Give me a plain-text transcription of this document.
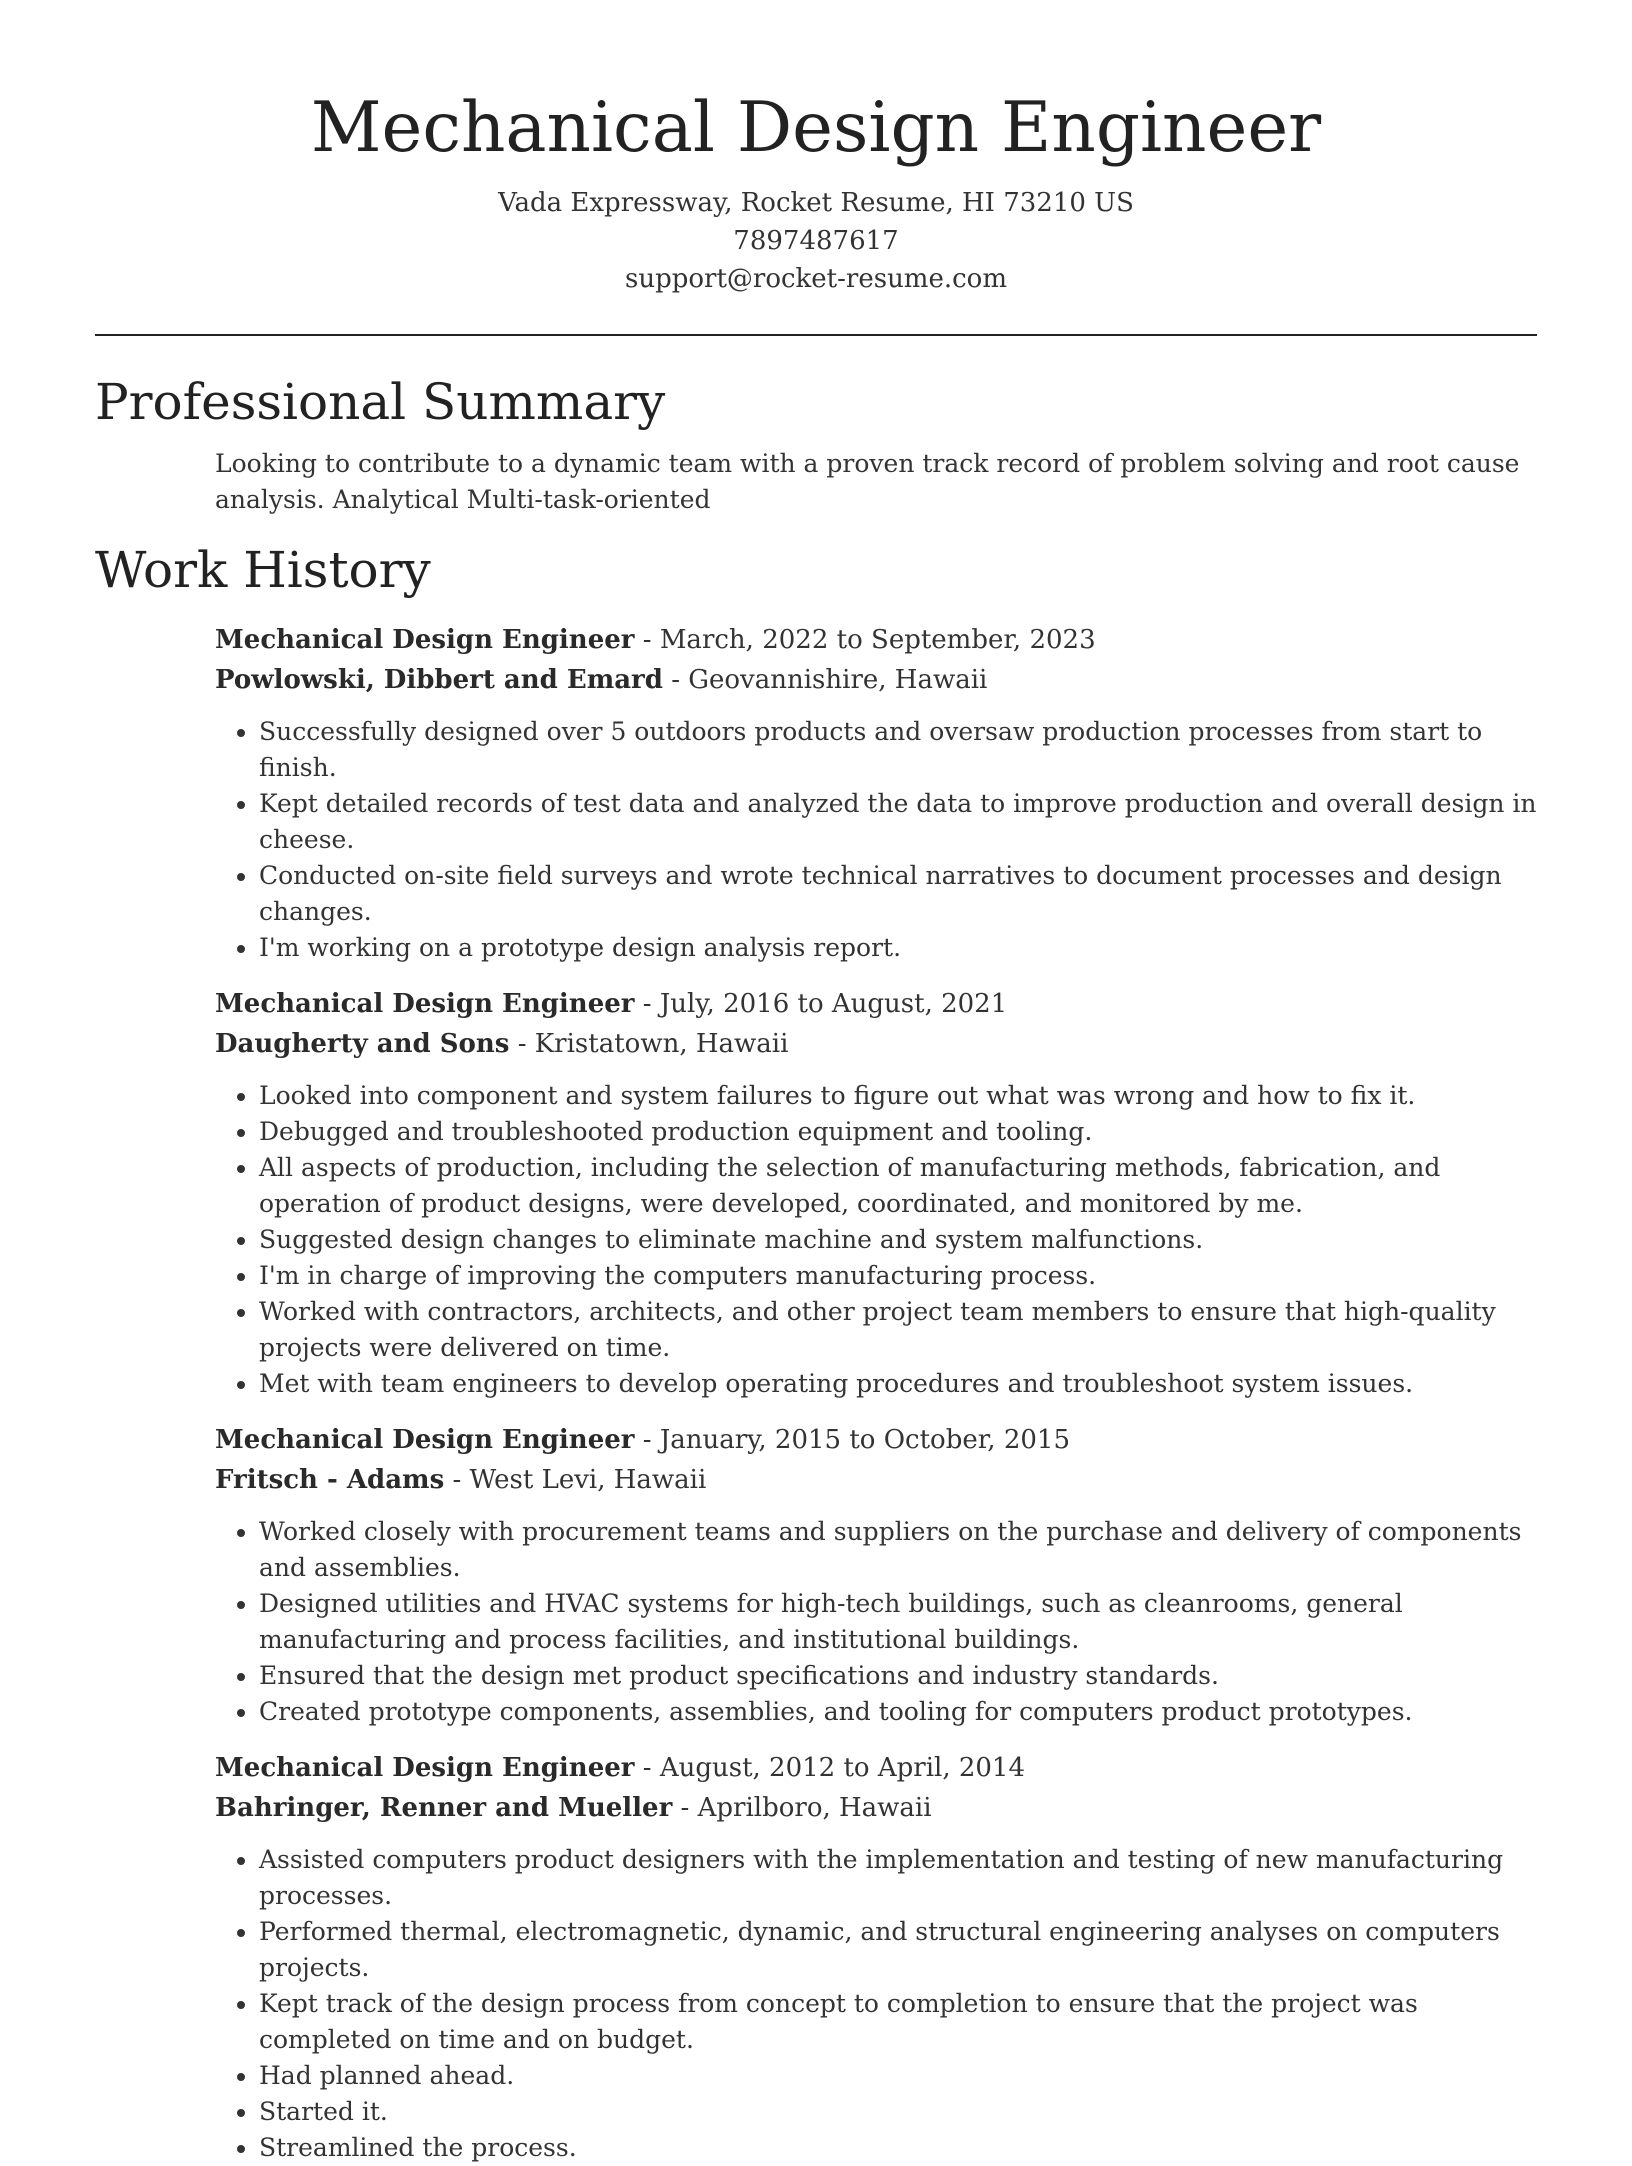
Mechanical Design Engineer
Vada Expressway, Rocket Resume, HI 73210 US
7897487617
support@rocket-resume.com
Professional Summary
Looking to contribute to a dynamic team with a proven track record of problem solving and root cause analysis. Analytical Multi-task-oriented
Work History
Mechanical Design Engineer - March, 2022 to September, 2023
Powlowski, Dibbert and Emard - Geovannishire, Hawaii
• Successfully designed over 5 outdoors products and oversaw production processes from start to finish.
• Kept detailed records of test data and analyzed the data to improve production and overall design in cheese.
• Conducted on-site field surveys and wrote technical narratives to document processes and design changes.
• I'm working on a prototype design analysis report.
Mechanical Design Engineer - July, 2016 to August, 2021
Daugherty and Sons - Kristatown, Hawaii
• Looked into component and system failures to figure out what was wrong and how to fix it.
• Debugged and troubleshooted production equipment and tooling.
• All aspects of production, including the selection of manufacturing methods, fabrication, and operation of product designs, were developed, coordinated, and monitored by me.
• Suggested design changes to eliminate machine and system malfunctions.
• I'm in charge of improving the computers manufacturing process.
• Worked with contractors, architects, and other project team members to ensure that high-quality projects were delivered on time.
• Met with team engineers to develop operating procedures and troubleshoot system issues.
Mechanical Design Engineer - January, 2015 to October, 2015
Fritsch - Adams - West Levi, Hawaii
• Worked closely with procurement teams and suppliers on the purchase and delivery of components and assemblies.
• Designed utilities and HVAC systems for high-tech buildings, such as cleanrooms, general manufacturing and process facilities, and institutional buildings.
• Ensured that the design met product specifications and industry standards.
• Created prototype components, assemblies, and tooling for computers product prototypes.
Mechanical Design Engineer - August, 2012 to April, 2014
Bahringer, Renner and Mueller - Aprilboro, Hawaii
• Assisted computers product designers with the implementation and testing of new manufacturing processes.
• Performed thermal, electromagnetic, dynamic, and structural engineering analyses on computers projects.
• Kept track of the design process from concept to completion to ensure that the project was completed on time and on budget.
• Had planned ahead.
• Started it.
• Streamlined the process.
